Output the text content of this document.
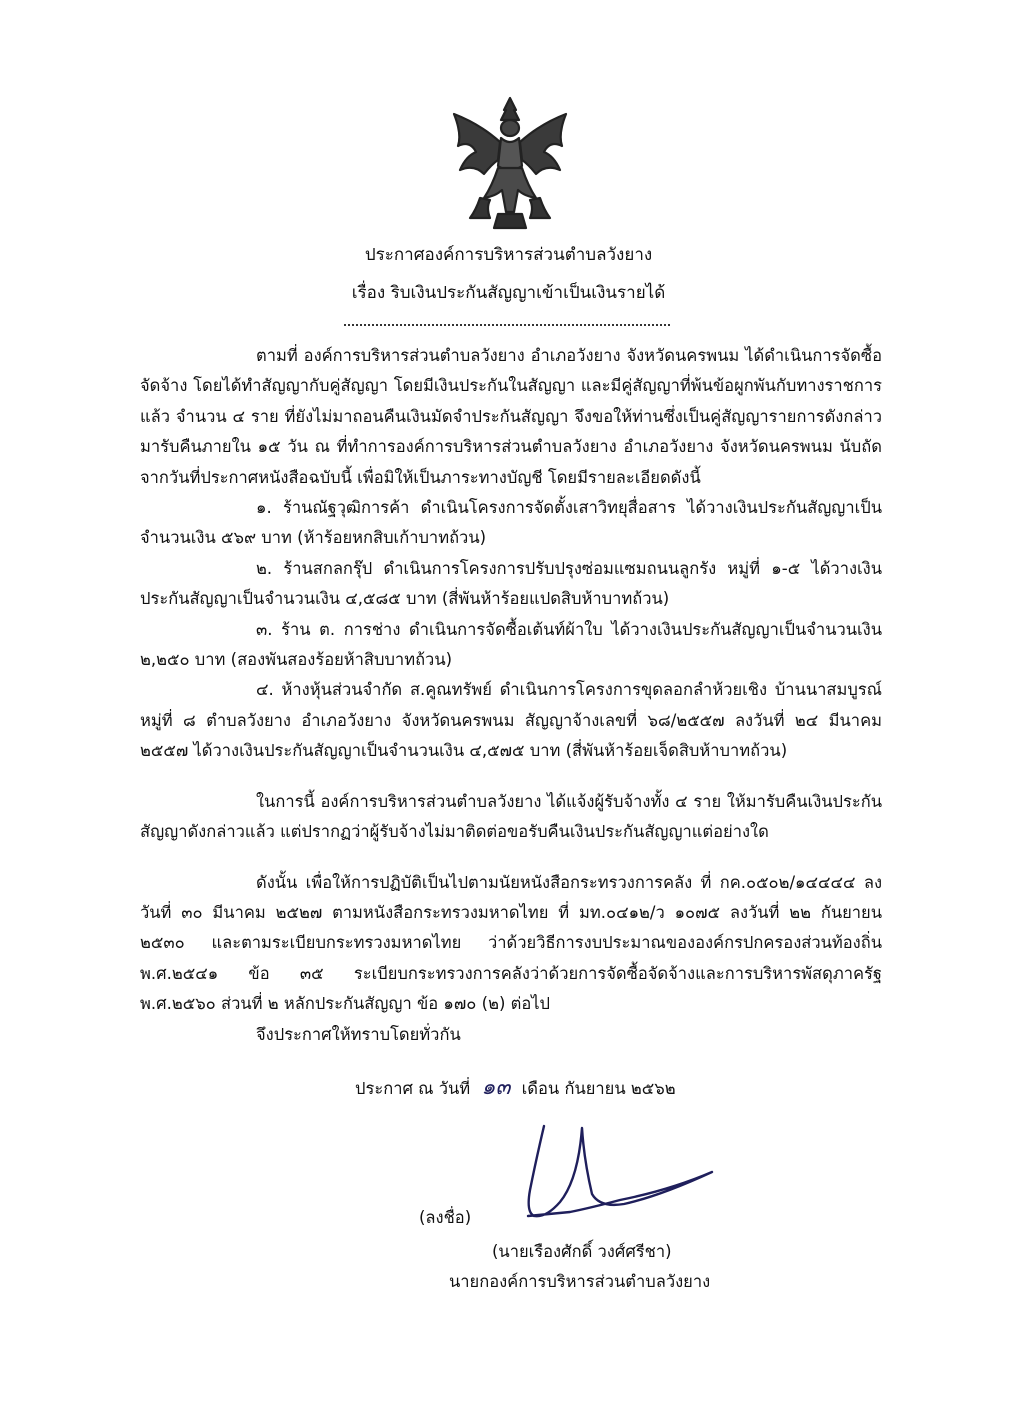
ประกาศองค์การบริหารส่วนตำบลวังยาง
เรื่อง ริบเงินประกันสัญญาเข้าเป็นเงินรายได้

ตามที่ องค์การบริหารส่วนตำบลวังยาง อำเภอวังยาง จังหวัดนครพนม ได้ดำเนินการจัดซื้อจัดจ้าง โดยได้ทำสัญญากับคู่สัญญา โดยมีเงินประกันในสัญญา และมีคู่สัญญาที่พ้นข้อผูกพันกับทางราชการแล้ว จำนวน ๔ ราย ที่ยังไม่มาถอนคืนเงินมัดจำประกันสัญญา จึงขอให้ท่านซึ่งเป็นคู่สัญญารายการดังกล่าวมารับคืนภายใน ๑๕ วัน ณ ที่ทำการองค์การบริหารส่วนตำบลวังยาง อำเภอวังยาง จังหวัดนครพนม นับถัดจากวันที่ประกาศหนังสือฉบับนี้ เพื่อมิให้เป็นภาระทางบัญชี โดยมีรายละเอียดดังนี้

๑. ร้านณัฐวุฒิการค้า ดำเนินโครงการจัดตั้งเสาวิทยุสื่อสาร ได้วางเงินประกันสัญญาเป็นจำนวนเงิน ๕๖๙ บาท (ห้าร้อยหกสิบเก้าบาทถ้วน)

๒. ร้านสกลกรุ๊ป ดำเนินการโครงการปรับปรุงซ่อมแซมถนนลูกรัง หมู่ที่ ๑-๕ ได้วางเงินประกันสัญญาเป็นจำนวนเงิน ๔,๕๘๕ บาท (สี่พันห้าร้อยแปดสิบห้าบาทถ้วน)

๓. ร้าน ต. การช่าง ดำเนินการจัดซื้อเต้นท์ผ้าใบ ได้วางเงินประกันสัญญาเป็นจำนวนเงิน ๒,๒๕๐ บาท (สองพันสองร้อยห้าสิบบาทถ้วน)

๔. ห้างหุ้นส่วนจำกัด ส.คูณทรัพย์ ดำเนินการโครงการขุดลอกลำห้วยเชิง บ้านนาสมบูรณ์ หมู่ที่ ๘ ตำบลวังยาง อำเภอวังยาง จังหวัดนครพนม สัญญาจ้างเลขที่ ๖๘/๒๕๕๗ ลงวันที่ ๒๔ มีนาคม ๒๕๕๗ ได้วางเงินประกันสัญญาเป็นจำนวนเงิน ๔,๕๗๕ บาท (สี่พันห้าร้อยเจ็ดสิบห้าบาทถ้วน)

ในการนี้ องค์การบริหารส่วนตำบลวังยาง ได้แจ้งผู้รับจ้างทั้ง ๔ ราย ให้มารับคืนเงินประกันสัญญาดังกล่าวแล้ว แต่ปรากฏว่าผู้รับจ้างไม่มาติดต่อขอรับคืนเงินประกันสัญญาแต่อย่างใด

ดังนั้น เพื่อให้การปฏิบัติเป็นไปตามนัยหนังสือกระทรวงการคลัง ที่ กค.๐๕๐๒/๑๔๔๔๔ ลงวันที่ ๓๐ มีนาคม ๒๕๒๗ ตามหนังสือกระทรวงมหาดไทย ที่ มท.๐๔๑๒/ว ๑๐๗๕ ลงวันที่ ๒๒ กันยายน ๒๕๓๐ และตามระเบียบกระทรวงมหาดไทย ว่าด้วยวิธีการงบประมาณขององค์กรปกครองส่วนท้องถิ่น พ.ศ.๒๕๔๑ ข้อ ๓๕ ระเบียบกระทรวงการคลังว่าด้วยการจัดซื้อจัดจ้างและการบริหารพัสดุภาครัฐ พ.ศ.๒๕๖๐ ส่วนที่ ๒ หลักประกันสัญญา ข้อ ๑๗๐ (๒) ต่อไป

จึงประกาศให้ทราบโดยทั่วกัน
ประกาศ ณ วันที่ ๑๓ เดือน กันยายน ๒๕๖๒
(ลงชื่อ)
(นายเรืองศักดิ์ วงศ์ศรีชา)
นายกองค์การบริหารส่วนตำบลวังยาง
